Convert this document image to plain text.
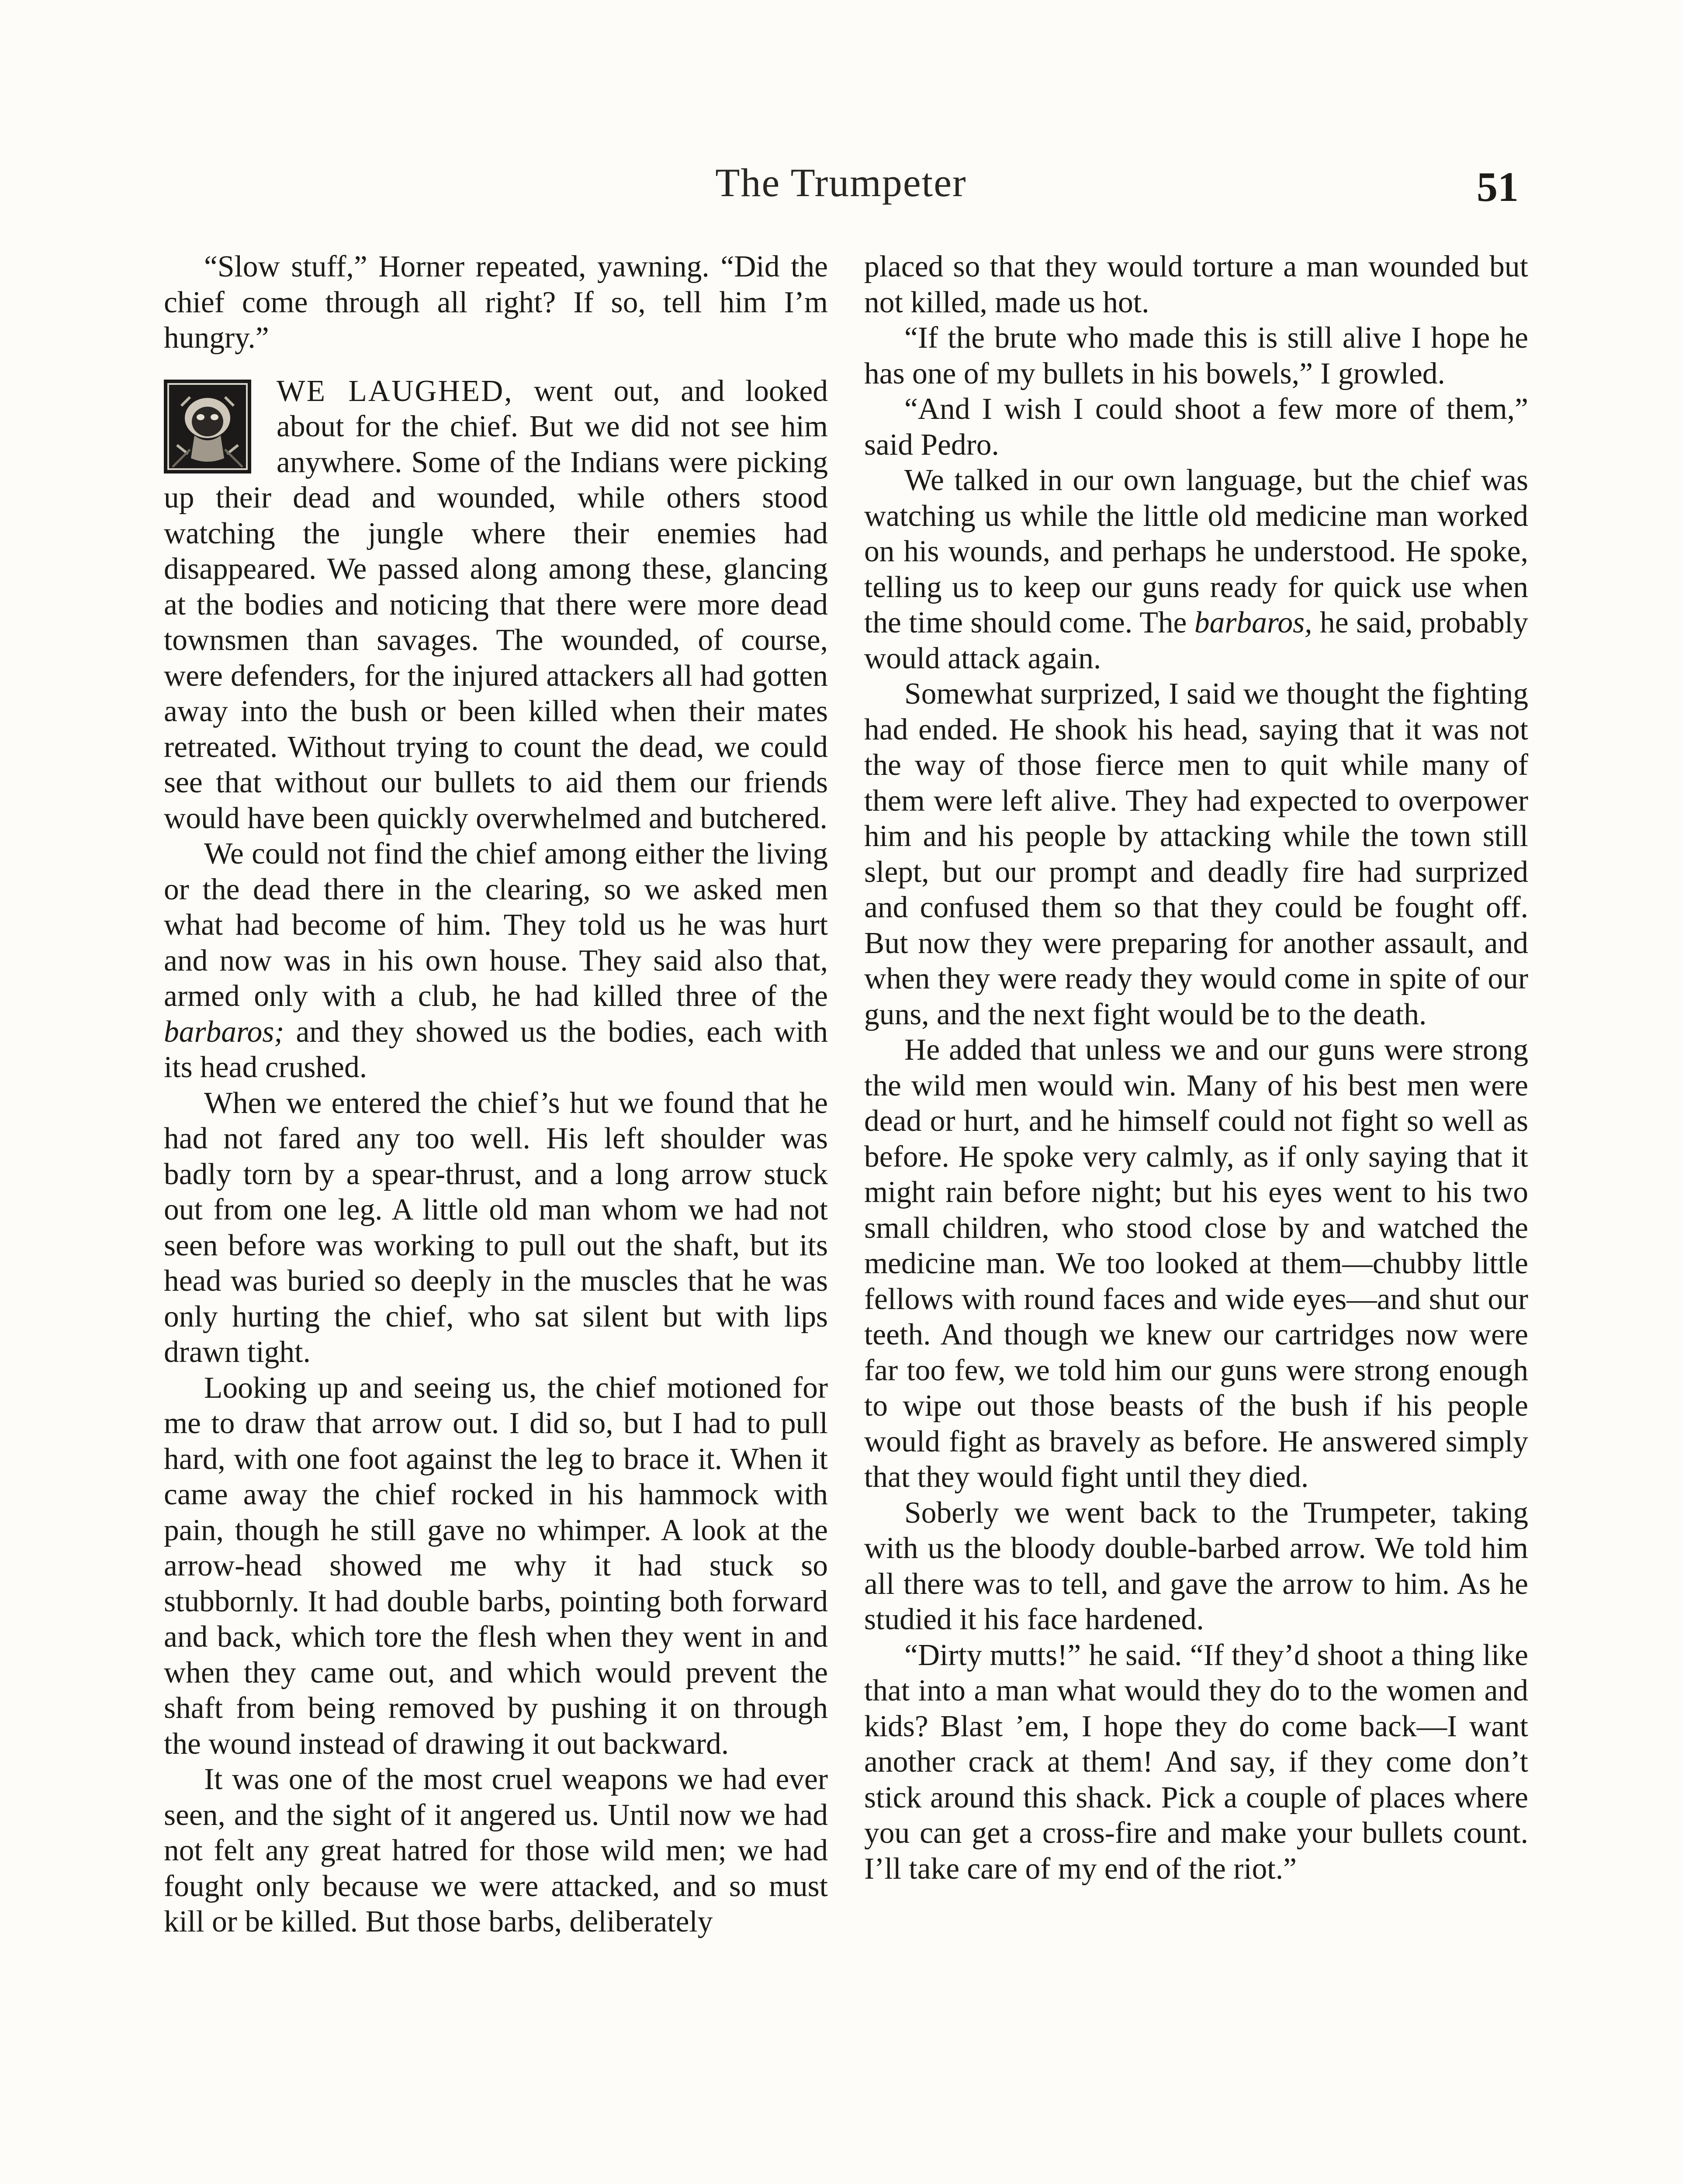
The Trumpeter	51

“Slow stuff,” Horner repeated, yawning. “Did the chief come through all right? If so, tell him I’m hungry.”

WE LAUGHED, went out, and looked about for the chief. But we did not see him anywhere. Some of the Indians were picking up their dead and wounded, while others stood watching the jungle where their enemies had disappeared. We passed along among these, glancing at the bodies and noticing that there were more dead townsmen than savages. The wounded, of course, were defenders, for the injured attackers all had gotten away into the bush or been killed when their mates retreated. Without trying to count the dead, we could see that without our bullets to aid them our friends would have been quickly overwhelmed and butchered.

We could not find the chief among either the living or the dead there in the clearing, so we asked men what had become of him. They told us he was hurt and now was in his own house. They said also that, armed only with a club, he had killed three of the barbaros; and they showed us the bodies, each with its head crushed.

When we entered the chief’s hut we found that he had not fared any too well. His left shoulder was badly torn by a spear-thrust, and a long arrow stuck out from one leg. A little old man whom we had not seen before was working to pull out the shaft, but its head was buried so deeply in the muscles that he was only hurting the chief, who sat silent but with lips drawn tight.

Looking up and seeing us, the chief motioned for me to draw that arrow out. I did so, but I had to pull hard, with one foot against the leg to brace it. When it came away the chief rocked in his hammock with pain, though he still gave no whimper. A look at the arrow-head showed me why it had stuck so stubbornly. It had double barbs, pointing both forward and back, which tore the flesh when they went in and when they came out, and which would prevent the shaft from being removed by pushing it on through the wound instead of drawing it out backward.

It was one of the most cruel weapons we had ever seen, and the sight of it angered us. Until now we had not felt any great hatred for those wild men; we had fought only because we were attacked, and so must kill or be killed. But those barbs, deliberately

placed so that they would torture a man wounded but not killed, made us hot.

“If the brute who made this is still alive I hope he has one of my bullets in his bowels,” I growled.

“And I wish I could shoot a few more of them,” said Pedro.

We talked in our own language, but the chief was watching us while the little old medicine man worked on his wounds, and perhaps he understood. He spoke, telling us to keep our guns ready for quick use when the time should come. The barbaros, he said, probably would attack again.

Somewhat surprized, I said we thought the fighting had ended. He shook his head, saying that it was not the way of those fierce men to quit while many of them were left alive. They had expected to overpower him and his people by attacking while the town still slept, but our prompt and deadly fire had surprized and confused them so that they could be fought off. But now they were preparing for another assault, and when they were ready they would come in spite of our guns, and the next fight would be to the death.

He added that unless we and our guns were strong the wild men would win. Many of his best men were dead or hurt, and he himself could not fight so well as before. He spoke very calmly, as if only saying that it might rain before night; but his eyes went to his two small children, who stood close by and watched the medicine man. We too looked at them—chubby little fellows with round faces and wide eyes—and shut our teeth. And though we knew our cartridges now were far too few, we told him our guns were strong enough to wipe out those beasts of the bush if his people would fight as bravely as before. He answered simply that they would fight until they died.

Soberly we went back to the Trumpeter, taking with us the bloody double-barbed arrow. We told him all there was to tell, and gave the arrow to him. As he studied it his face hardened.

“Dirty mutts!” he said. “If they’d shoot a thing like that into a man what would they do to the women and kids? Blast ’em, I hope they do come back—I want another crack at them! And say, if they come don’t stick around this shack. Pick a couple of places where you can get a cross-fire and make your bullets count. I’ll take care of my end of the riot.”
